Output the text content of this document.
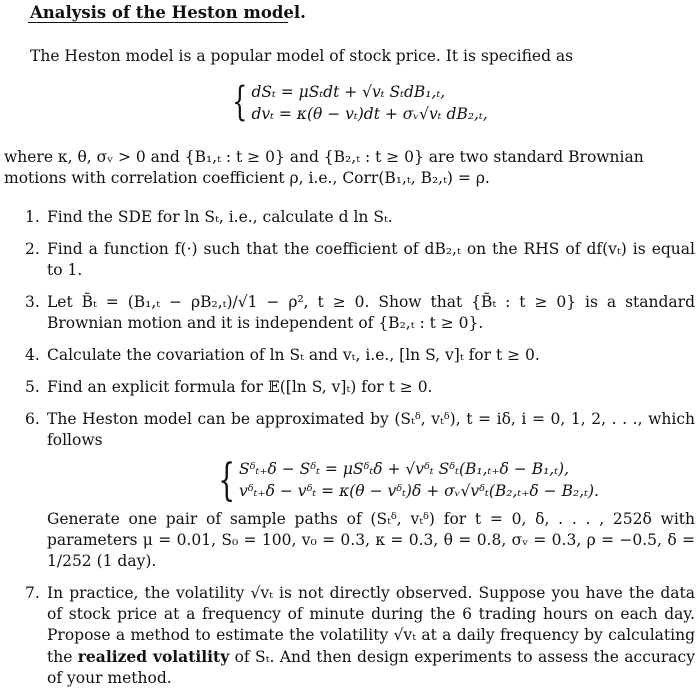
Analysis of the Heston model.
The Heston model is a popular model of stock price. It is specified as
{ dSₜ = μSₜdt + √vₜ SₜdB₁,ₜ,
dvₜ = κ(θ − vₜ)dt + σᵥ√vₜ dB₂,ₜ,
where κ, θ, σᵥ > 0 and {B₁,ₜ : t ≥ 0} and {B₂,ₜ : t ≥ 0} are two standard Brownian motions with correlation coefficient ρ, i.e., Corr(B₁,ₜ, B₂,ₜ) = ρ.
1. Find the SDE for ln Sₜ, i.e., calculate d ln Sₜ.
2. Find a function f(·) such that the coefficient of dB₂,ₜ on the RHS of df(vₜ) is equal to 1.
3. Let B̃ₜ = (B₁,ₜ − ρB₂,ₜ)/√1 − ρ², t ≥ 0. Show that {B̃ₜ : t ≥ 0} is a standard Brownian motion and it is independent of {B₂,ₜ : t ≥ 0}.
4. Calculate the covariation of ln Sₜ and vₜ, i.e., [ln S, v]ₜ for t ≥ 0.
5. Find an explicit formula for 𝔼([ln S, v]ₜ) for t ≥ 0.
6. The Heston model can be approximated by (Sₜᵟ, vₜᵟ), t = iδ, i = 0, 1, 2, . . ., which follows
{ Sᵟₜ₊δ − Sᵟₜ = μSᵟₜδ + √vᵟₜ Sᵟₜ(B₁,ₜ₊δ − B₁,ₜ),
vᵟₜ₊δ − vᵟₜ = κ(θ − vᵟₜ)δ + σᵥ√vᵟₜ(B₂,ₜ₊δ − B₂,ₜ).
Generate one pair of sample paths of (Sₜᵟ, vₜᵟ) for t = 0, δ, . . . , 252δ with parameters μ = 0.01, S₀ = 100, v₀ = 0.3, κ = 0.3, θ = 0.8, σᵥ = 0.3, ρ = −0.5, δ = 1/252 (1 day).
7. In practice, the volatility √vₜ is not directly observed. Suppose you have the data of stock price at a frequency of minute during the 6 trading hours on each day. Propose a method to estimate the volatility √vₜ at a daily frequency by calculating the realized volatility of Sₜ. And then design experiments to assess the accuracy of your method.
